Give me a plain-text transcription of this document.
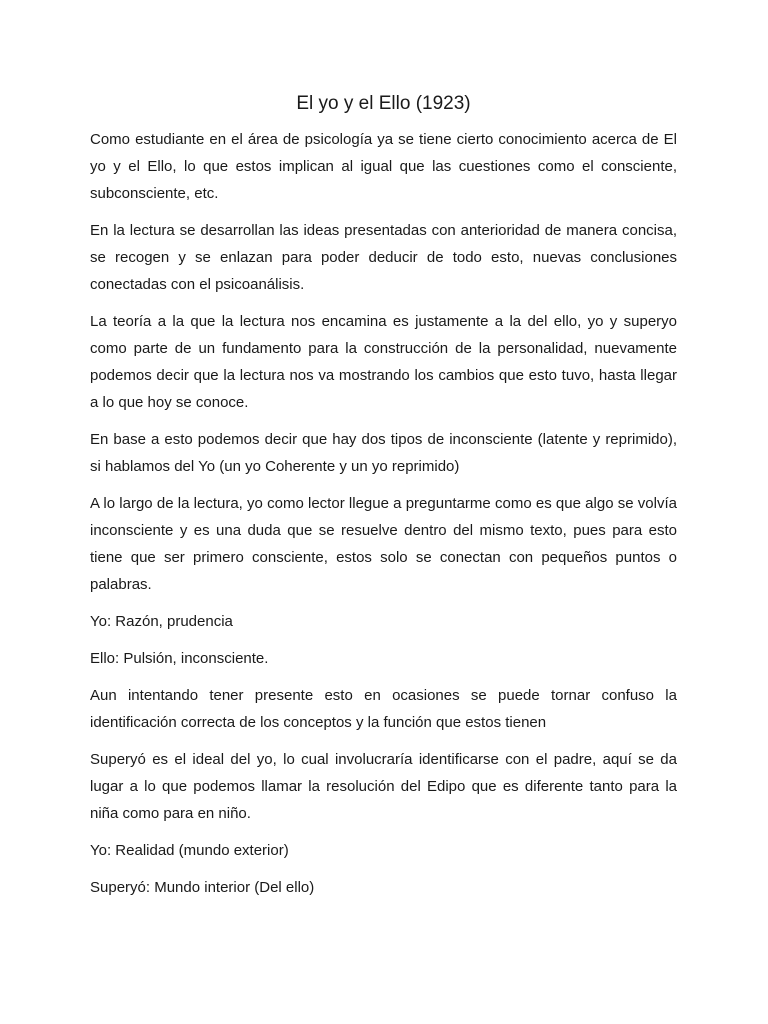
El yo y el Ello (1923)

Como estudiante en el área de psicología ya se tiene cierto conocimiento acerca de El yo y el Ello, lo que estos implican al igual que las cuestiones como el consciente, subconsciente, etc.

En la lectura se desarrollan las ideas presentadas con anterioridad de manera concisa, se recogen y se enlazan para poder deducir de todo esto, nuevas conclusiones conectadas con el psicoanálisis.

La teoría a la que la lectura nos encamina es justamente a la del ello, yo y superyo como parte de un fundamento para la construcción de la personalidad, nuevamente podemos decir que la lectura nos va mostrando los cambios que esto tuvo, hasta llegar a lo que hoy se conoce.

En base a esto podemos decir que hay dos tipos de inconsciente (latente y reprimido), si hablamos del Yo (un yo Coherente y un yo reprimido)

A lo largo de la lectura, yo como lector llegue a preguntarme como es que algo se volvía inconsciente y es una duda que se resuelve dentro del mismo texto, pues para esto tiene que ser primero consciente, estos solo se conectan con pequeños puntos o palabras.

Yo: Razón, prudencia

Ello: Pulsión, inconsciente.

Aun intentando tener presente esto en ocasiones se puede tornar confuso la identificación correcta de los conceptos y la función que estos tienen

Superyó es el ideal del yo, lo cual involucraría identificarse con el padre, aquí se da lugar a lo que podemos llamar la resolución del Edipo que es diferente tanto para la niña como para en niño.

Yo: Realidad (mundo exterior)

Superyó: Mundo interior (Del ello)
